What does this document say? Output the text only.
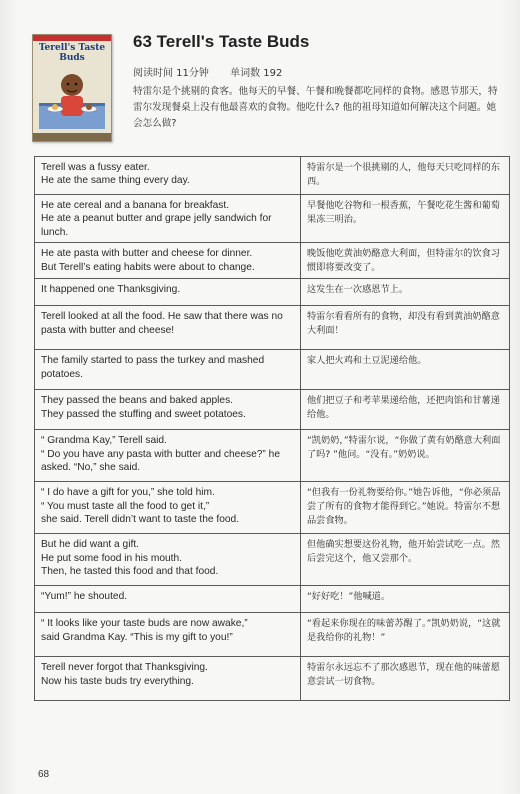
Terell's Taste Buds
63 Terell's Taste Buds
阅读时间 11分钟 单词数 192
特雷尔是个挑剔的食客。他每天的早餐、午餐和晚餐都吃同样的食物。感恩节那天，特雷尔发现餐桌上没有他最喜欢的食物。他吃什么? 他的祖母知道如何解决这个问题。她会怎么做?
Terell was a fussy eater.
He ate the same thing every day.	特雷尔是一个很挑剔的人，他每天只吃同样的东西。
He ate cereal and a banana for breakfast.
He ate a peanut butter and grape jelly sandwich for lunch.	早餐他吃谷物和一根香蕉，午餐吃花生酱和葡萄果冻三明治。
He ate pasta with butter and cheese for dinner.
But Terell’s eating habits were about to change.	晚饭他吃黄油奶酪意大利面，但特雷尔的饮食习惯即将要改变了。
It happened one Thanksgiving.	这发生在一次感恩节上。
Terell looked at all the food. He saw that there was no pasta with butter and cheese!	特雷尔看看所有的食物，却没有看到黄油奶酪意大利面！
The family started to pass the turkey and mashed potatoes.	家人把火鸡和土豆泥递给他。
They passed the beans and baked apples.
They passed the stuffing and sweet potatoes.	他们把豆子和考苹果递给他，还把肉馅和甘薯递给他。
“ Grandma Kay,” Terell said.
“ Do you have any pasta with butter and cheese?” he asked. “No,” she said.	“凯奶奶，”特雷尔说，“你做了黄有奶酪意大利面了吗? ”他问。“没有。”奶奶说。
“ I do have a gift for you,” she told him.
“ You must taste all the food to get it,”
she said. Terell didn’t want to taste the food.	“但我有一份礼物要给你。”她告诉他，“你必须品尝了所有的食物才能得到它。”她说。特雷尔不想品尝食物。
But he did want a gift.
He put some food in his mouth.
Then, he tasted this food and that food.	但他确实想要这份礼物，他开始尝试吃一点。然后尝完这个，他又尝那个。
“Yum!” he shouted.	“好好吃！”他喊道。
“ It looks like your taste buds are now awake,”
said Grandma Kay. “This is my gift to you!”	“看起来你现在的味蕾苏醒了。”凯奶奶说，“这就是我给你的礼物！”
Terell never forgot that Thanksgiving.
Now his taste buds try everything.	特雷尔永远忘不了那次感恩节，现在他的味蕾愿意尝试一切食物。
68
